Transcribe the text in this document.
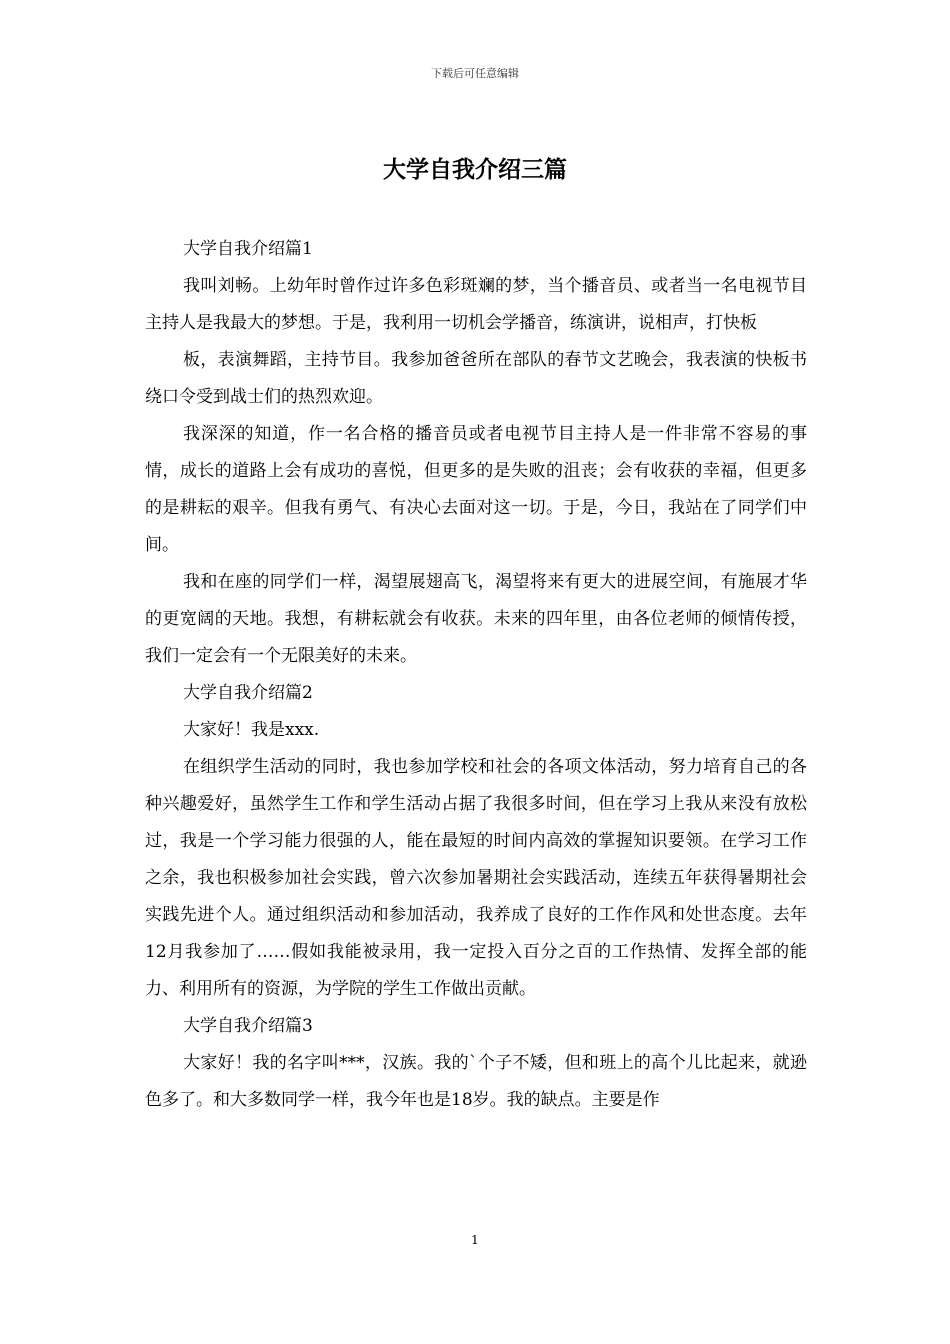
下载后可任意编辑
大学自我介绍三篇

大学自我介绍篇1

我叫刘畅。上幼年时曾作过许多色彩斑斓的梦，当个播音员、或者当一名电视节目主持人是我最大的梦想。于是，我利用一切机会学播音，练演讲，说相声，打快板

板，表演舞蹈，主持节目。我参加爸爸所在部队的春节文艺晚会，我表演的快板书绕口令受到战士们的热烈欢迎。

我深深的知道，作一名合格的播音员或者电视节目主持人是一件非常不容易的事情，成长的道路上会有成功的喜悦，但更多的是失败的沮丧；会有收获的幸福，但更多的是耕耘的艰辛。但我有勇气、有决心去面对这一切。于是，今日，我站在了同学们中间。

我和在座的同学们一样，渴望展翅高飞，渴望将来有更大的进展空间，有施展才华的更宽阔的天地。我想，有耕耘就会有收获。未来的四年里，由各位老师的倾情传授，我们一定会有一个无限美好的未来。

大学自我介绍篇2

大家好！我是xxx.

在组织学生活动的同时，我也参加学校和社会的各项文体活动，努力培育自己的各种兴趣爱好，虽然学生工作和学生活动占据了我很多时间，但在学习上我从来没有放松过，我是一个学习能力很强的人，能在最短的时间内高效的掌握知识要领。在学习工作之余，我也积极参加社会实践，曾六次参加暑期社会实践活动，连续五年获得暑期社会实践先进个人。通过组织活动和参加活动，我养成了良好的工作作风和处世态度。去年12月我参加了……假如我能被录用，我一定投入百分之百的工作热情、发挥全部的能力、利用所有的资源，为学院的学生工作做出贡献。

大学自我介绍篇3

大家好！我的名字叫***，汉族。我的`个子不矮，但和班上的高个儿比起来，就逊色多了。和大多数同学一样，我今年也是18岁。我的缺点。主要是作

1
